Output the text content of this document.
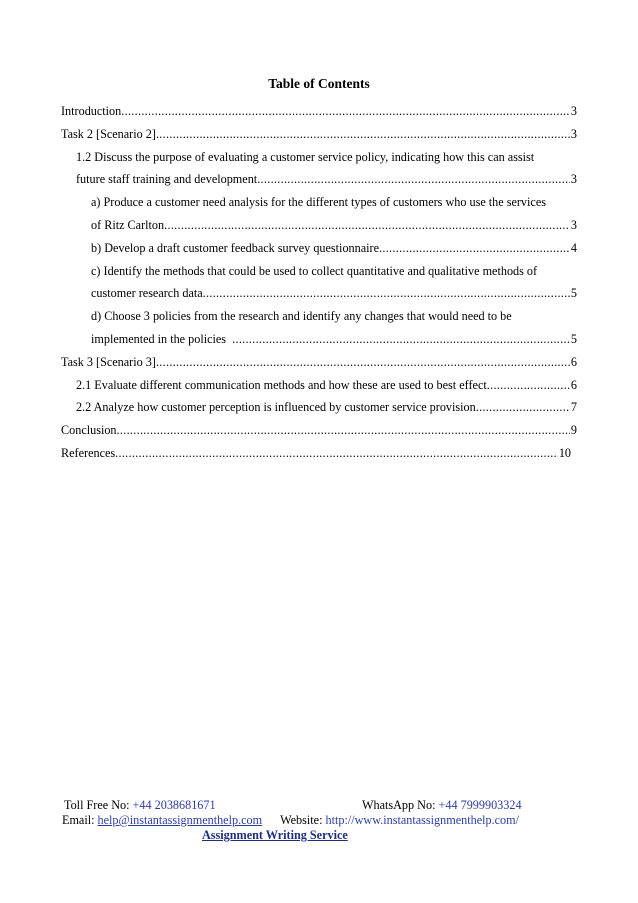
Table of Contents
Introduction .....	3
Task 2 [Scenario 2] .....	3
1.2 Discuss the purpose of evaluating a customer service policy, indicating how this can assist
future staff training and development .....	3
a) Produce a customer need analysis for the different types of customers who use the services
of Ritz Carlton .....	3
b) Develop a draft customer feedback survey questionnaire .....	4
c) Identify the methods that could be used to collect quantitative and qualitative methods of
customer research data .....	5
d) Choose 3 policies from the research and identify any changes that would need to be
implemented in the policies .....	5
Task 3 [Scenario 3] .....	6
2.1 Evaluate different communication methods and how these are used to best effect .....	6
2.2 Analyze how customer perception is influenced by customer service provision .....	7
Conclusion .....	9
References .....	10
Toll Free No: +44 2038681671	WhatsApp No: +44 7999903324
Email: help@instantassignmenthelp.com Website: http://www.instantassignmenthelp.com/
Assignment Writing Service
